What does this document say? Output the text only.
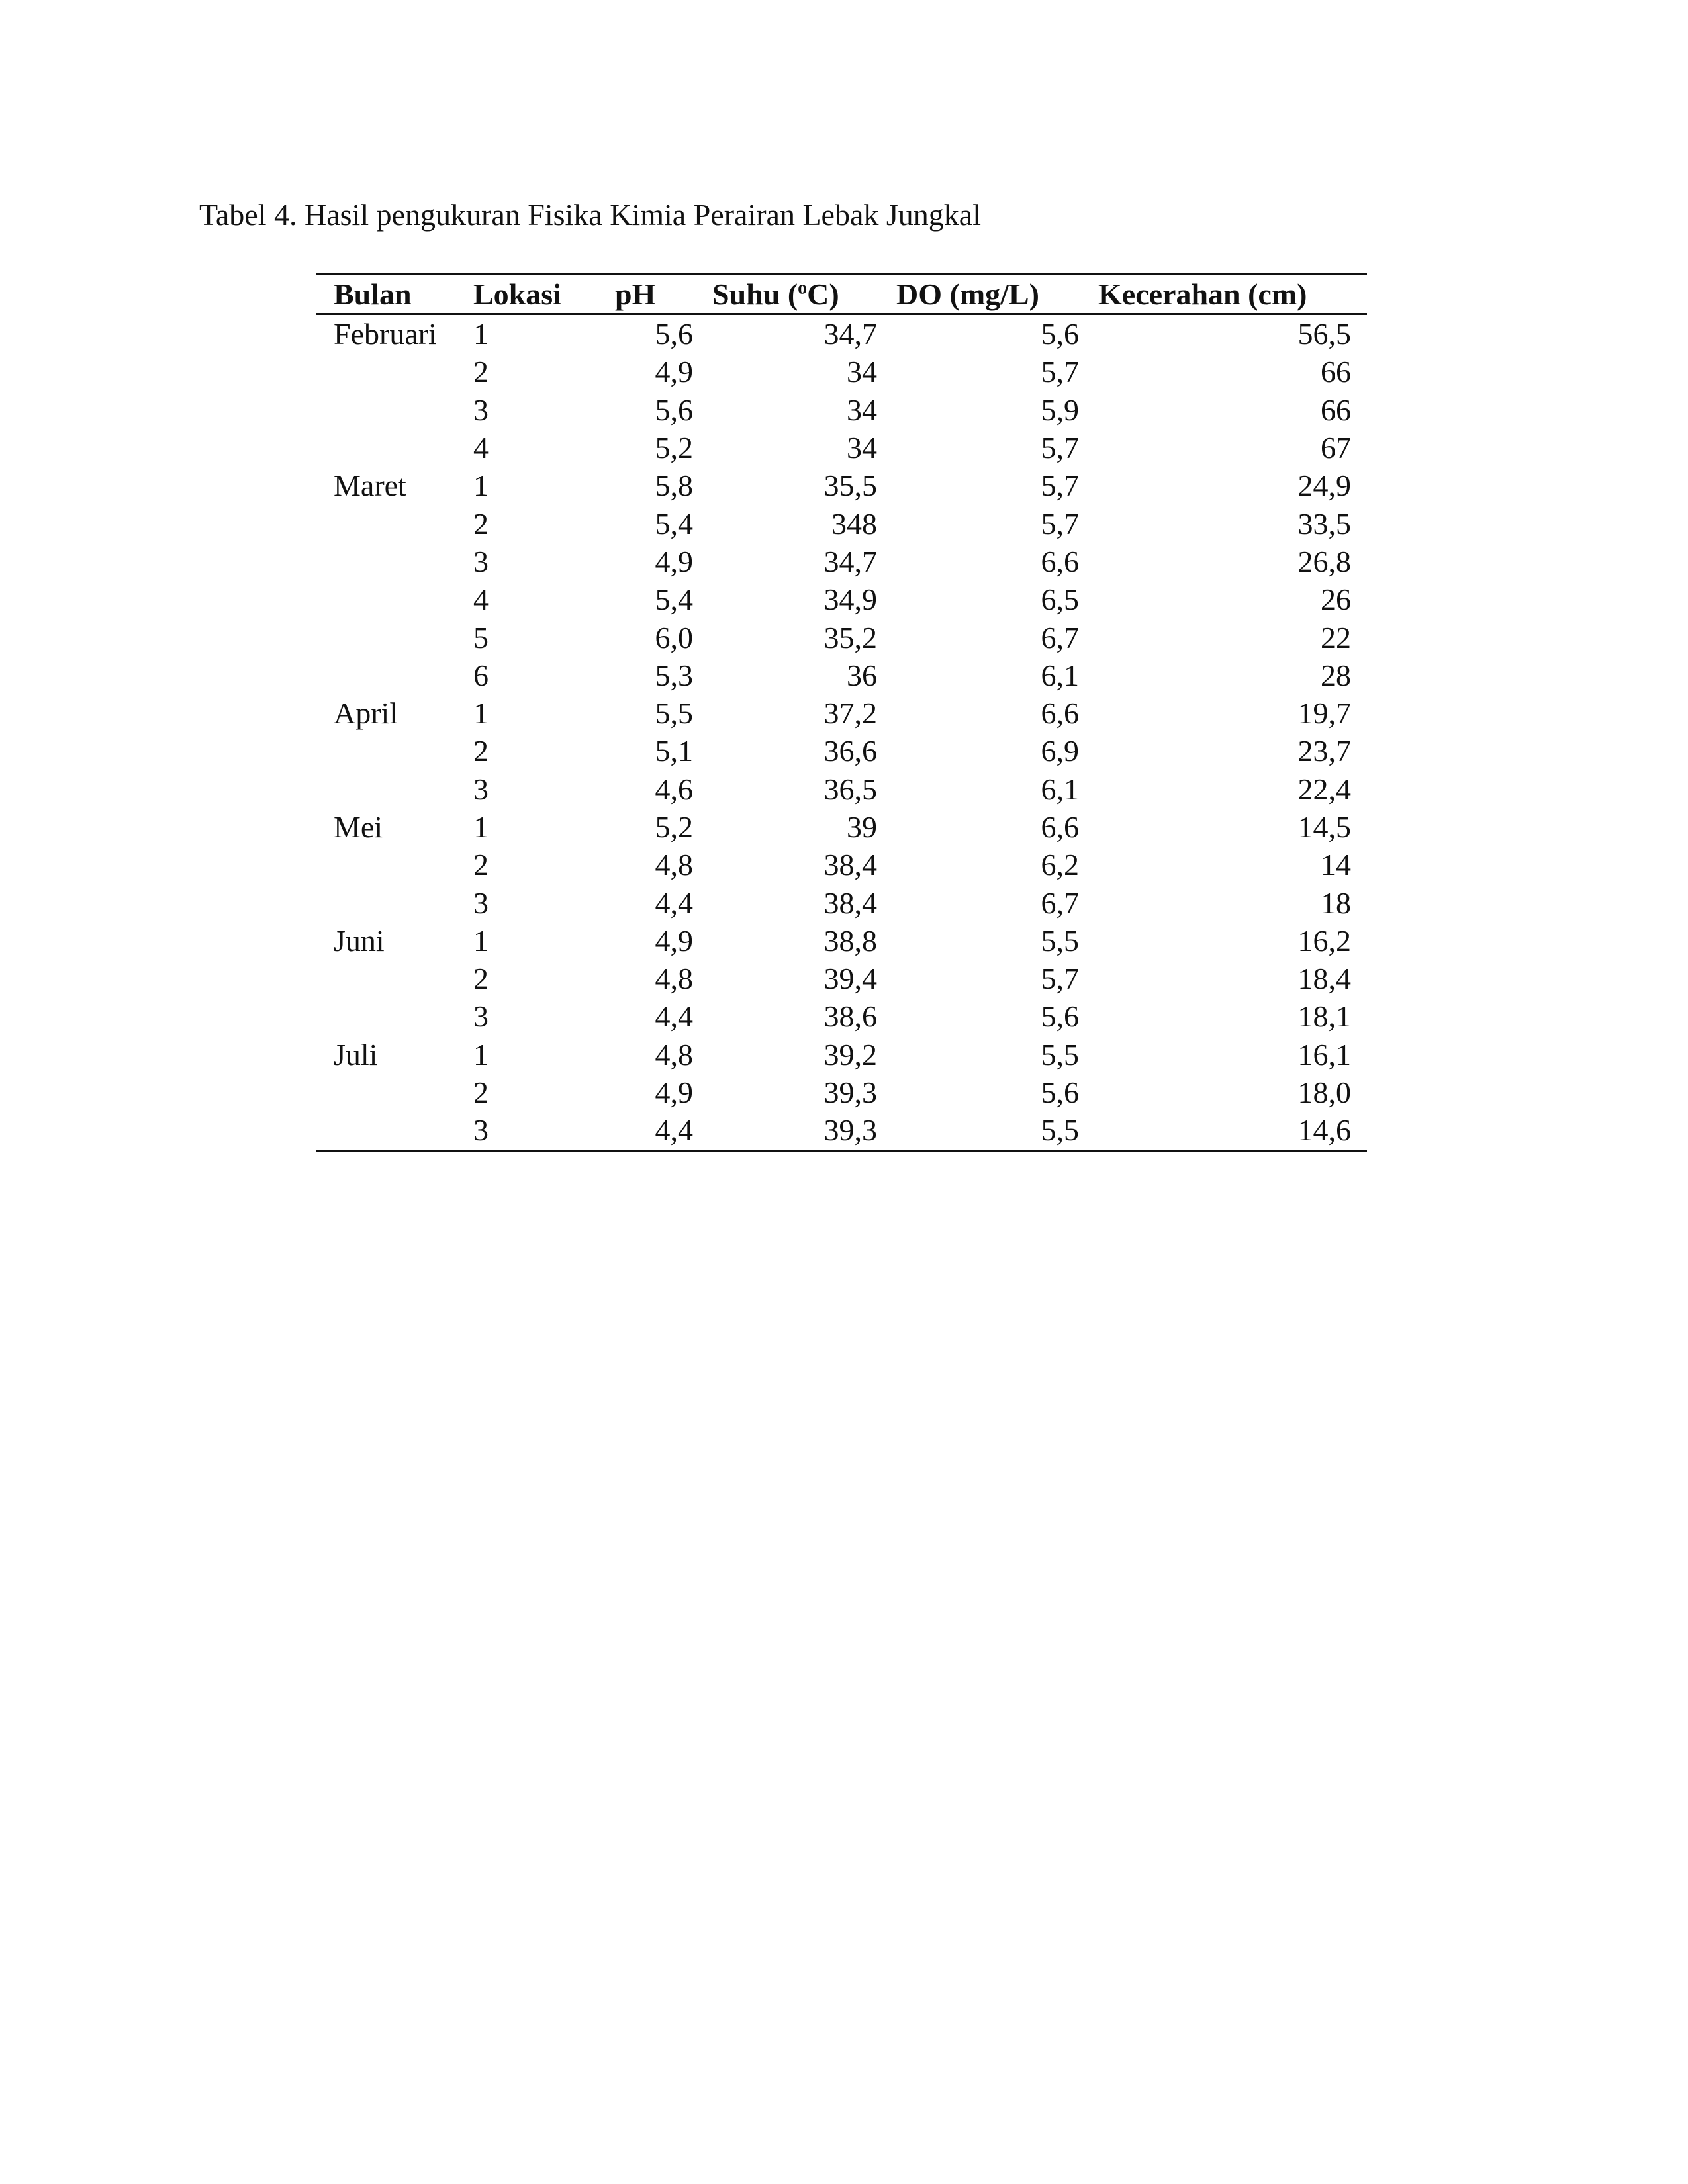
Tabel 4. Hasil pengukuran Fisika Kimia Perairan Lebak Jungkal
Bulan	Lokasi	pH	Suhu ($^o$C)	DO (mg/L)	Kecerahan (cm)
Februari	1	5,6	34,7	5,6	56,5
	2	4,9	34	5,7	66
	3	5,6	34	5,9	66
	4	5,2	34	5,7	67
Maret	1	5,8	35,5	5,7	24,9
	2	5,4	348	5,7	33,5
	3	4,9	34,7	6,6	26,8
	4	5,4	34,9	6,5	26
	5	6,0	35,2	6,7	22
	6	5,3	36	6,1	28
April	1	5,5	37,2	6,6	19,7
	2	5,1	36,6	6,9	23,7
	3	4,6	36,5	6,1	22,4
Mei	1	5,2	39	6,6	14,5
	2	4,8	38,4	6,2	14
	3	4,4	38,4	6,7	18
Juni	1	4,9	38,8	5,5	16,2
	2	4,8	39,4	5,7	18,4
	3	4,4	38,6	5,6	18,1
Juli	1	4,8	39,2	5,5	16,1
	2	4,9	39,3	5,6	18,0
	3	4,4	39,3	5,5	14,6
